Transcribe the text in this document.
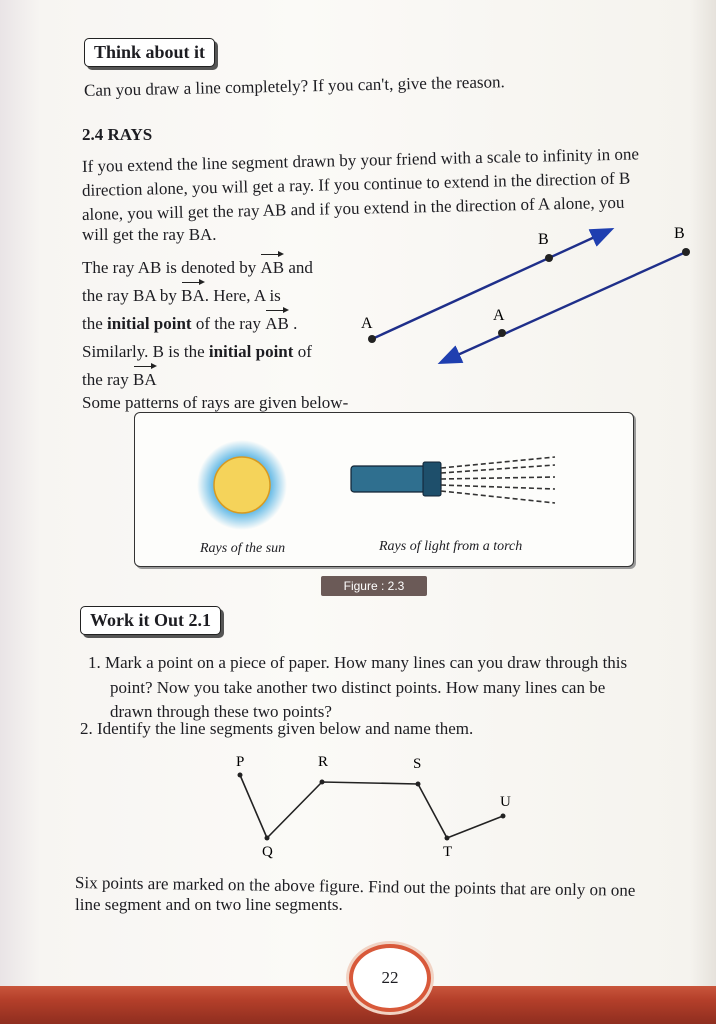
Think about it
Can you draw a line completely? If you can't, give the reason.
2.4 RAYS
If you extend the line segment drawn by your friend with a scale to infinity in one
direction alone, you will get a ray. If you continue to extend in the direction of B
alone, you will get the ray AB and if you extend in the direction of A alone, you
will get the ray BA.
The ray AB is denoted by AB and
the ray BA by BA. Here, A is
the initial point of the ray AB .
Similarly. B is the initial point of
the ray BA
A
B
A
B
Some patterns of rays are given below-
Rays of the sun	Rays of light from a torch
Figure : 2.3
Work it Out 2.1
1. Mark a point on a piece of paper. How many lines can you draw through this
point? Now you take another two distinct points. How many lines can be
drawn through these two points?
2. Identify the line segments given below and name them.
P
Q
R	S
T
U
Six points are marked on the above figure. Find out the points that are only on one
line segment and on two line segments.
22
